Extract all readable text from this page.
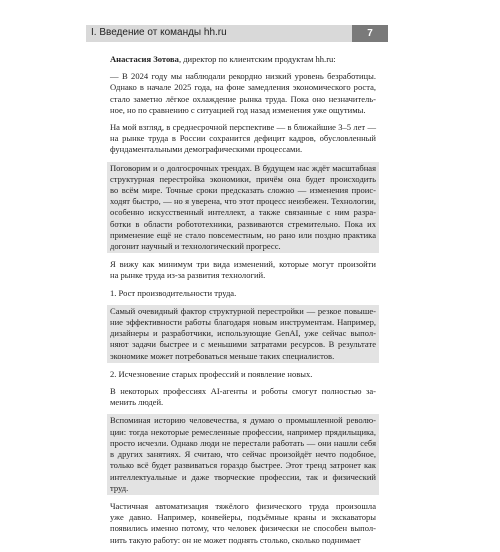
I. Введение от команды hh.ru	7
Анастасия Зотова, директор по клиентским продуктам hh.ru:
— В 2024 году мы наблюдали рекордно низкий уровень безработицы.
Однако в начале 2025 года, на фоне замедления экономического роста,
стало заметно лёгкое охлаждение рынка труда. Пока оно незначитель-
ное, но по сравнению с ситуацией год назад изменения уже ощутимы.
На мой взгляд, в среднесрочной перспективе — в ближайшие 3–5 лет —
на рынке труда в России сохранится дефицит кадров, обусловленный
фундаментальными демографическими процессами.
Поговорим и о долгосрочных трендах. В будущем нас ждёт масштабная
структурная перестройка экономики, причём она будет происходить
во всём мире. Точные сроки предсказать сложно — изменения проис-
ходят быстро, — но я уверена, что этот процесс неизбежен. Технологии,
особенно искусственный интеллект, а также связанные с ним разра-
ботки в области робототехники, развиваются стремительно. Пока их
применение ещё не стало повсеместным, но рано или поздно практика
догонит научный и технологический прогресс.
Я вижу как минимум три вида изменений, которые могут произойти
на рынке труда из-за развития технологий.
1. Рост производительности труда.
Самый очевидный фактор структурной перестройки — резкое повыше-
ние эффективности работы благодаря новым инструментам. Например,
дизайнеры и разработчики, использующие GenAI, уже сейчас выпол-
няют задачи быстрее и с меньшими затратами ресурсов. В результате
экономике может потребоваться меньше таких специалистов.
2. Исчезновение старых профессий и появление новых.
В некоторых профессиях AI-агенты и роботы смогут полностью за-
менить людей.
Вспоминая историю человечества, я думаю о промышленной револю-
ции: тогда некоторые ремесленные профессии, например прядильщика,
просто исчезли. Однако люди не перестали работать — они нашли себя
в других занятиях. Я считаю, что сейчас произойдёт нечто подобное,
только всё будет развиваться гораздо быстрее. Этот тренд затронет как
интеллектуальные и даже творческие профессии, так и физический
труд.
Частичная автоматизация тяжёлого физического труда произошла
уже давно. Например, конвейеры, подъёмные краны и экскаваторы
появились именно потому, что человек физически не способен выпол-
нить такую работу: он не может поднять столько, сколько поднимает
